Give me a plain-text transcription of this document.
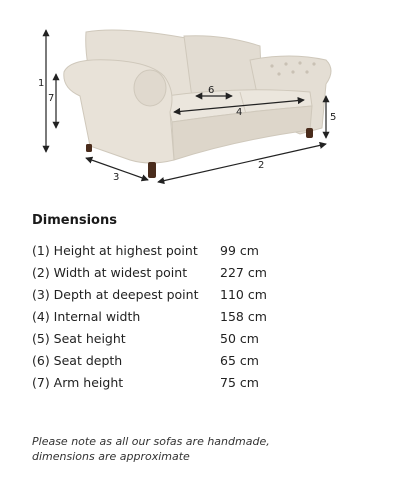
1
7
6
4	5
2
3
Dimensions
(1) Height at highest point 99 cm
(2) Width at widest point	227 cm
(3) Depth at deepest point 110 cm
(4) Internal width	158 cm
(5) Seat height	50 cm
(6) Seat depth	65 cm
(7) Arm height	75 cm

Please note as all our sofas are handmade,
dimensions are approximate
